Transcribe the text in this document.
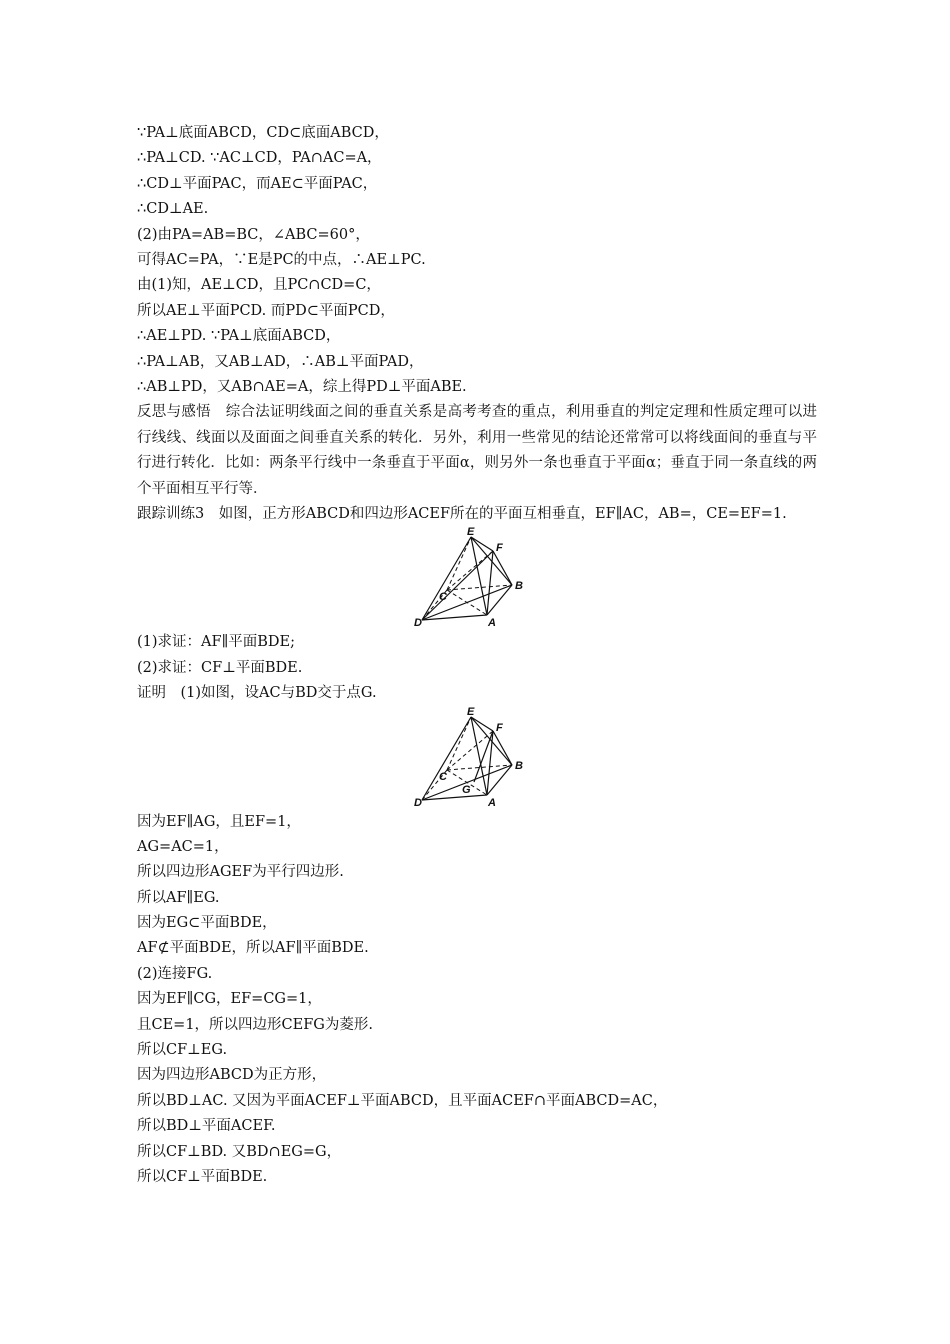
∵PA⊥底面ABCD，CD⊂底面ABCD，
∴PA⊥CD. ∵AC⊥CD，PA∩AC=A，
∴CD⊥平面PAC，而AE⊂平面PAC，
∴CD⊥AE.
(2)由PA=AB=BC，∠ABC=60°，
可得AC=PA，∵E是PC的中点，∴AE⊥PC.
由(1)知，AE⊥CD，且PC∩CD=C，
所以AE⊥平面PCD. 而PD⊂平面PCD，
∴AE⊥PD. ∵PA⊥底面ABCD，
∴PA⊥AB，又AB⊥AD，∴AB⊥平面PAD，
∴AB⊥PD，又AB∩AE=A，综上得PD⊥平面ABE.
反思与感悟　综合法证明线面之间的垂直关系是高考考查的重点，利用垂直的判定定理和性质定理可以进行线线、线面以及面面之间垂直关系的转化．另外，利用一些常见的结论还常常可以将线面间的垂直与平行进行转化．比如：两条平行线中一条垂直于平面α，则另外一条也垂直于平面α；垂直于同一条直线的两个平面相互平行等．
跟踪训练3　如图，正方形ABCD和四边形ACEF所在的平面互相垂直，EF∥AC，AB=，CE=EF=1.
E
F
B
C
D	A
(1)求证：AF∥平面BDE;
(2)求证：CF⊥平面BDE.
证明　(1)如图，设AC与BD交于点G.
E
F
B
C
G
D	A
因为EF∥AG，且EF=1，
AG=AC=1，
所以四边形AGEF为平行四边形.
所以AF∥EG.
因为EG⊂平面BDE，
AF⊄平面BDE，所以AF∥平面BDE.
(2)连接FG.
因为EF∥CG，EF=CG=1，
且CE=1，所以四边形CEFG为菱形.
所以CF⊥EG.
因为四边形ABCD为正方形，
所以BD⊥AC. 又因为平面ACEF⊥平面ABCD，且平面ACEF∩平面ABCD=AC，
所以BD⊥平面ACEF.
所以CF⊥BD. 又BD∩EG=G，
所以CF⊥平面BDE.
